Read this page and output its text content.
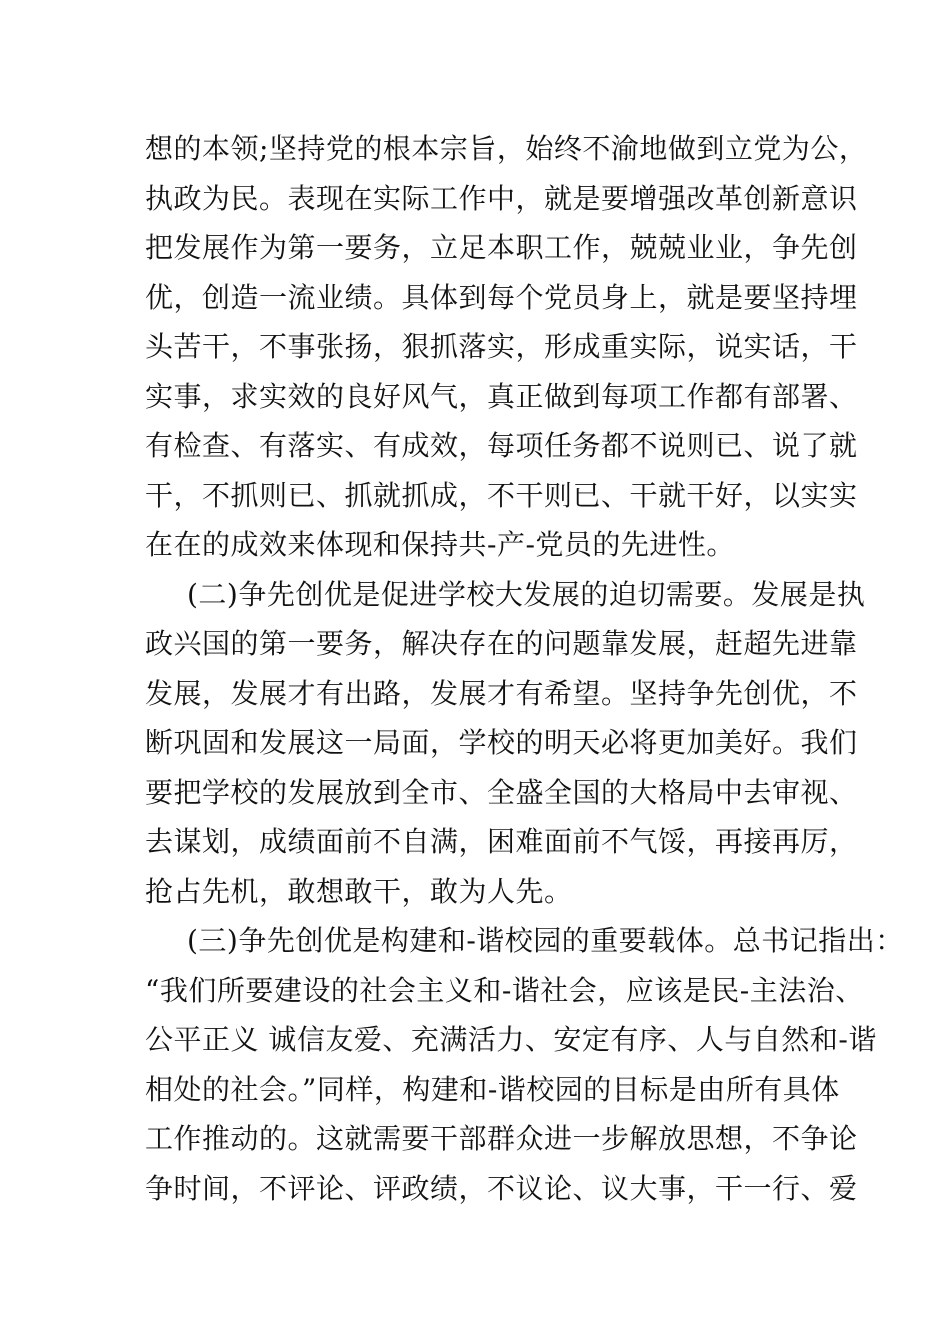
想的本领;坚持党的根本宗旨，始终不渝地做到立党为公，
执政为民。表现在实际工作中，就是要增强改革创新意识
把发展作为第一要务，立足本职工作，兢兢业业，争先创
优，创造一流业绩。具体到每个党员身上，就是要坚持埋
头苦干，不事张扬，狠抓落实，形成重实际，说实话，干
实事，求实效的良好风气，真正做到每项工作都有部署、
有检查、有落实、有成效，每项任务都不说则已、说了就
干，不抓则已、抓就抓成，不干则已、干就干好，以实实
在在的成效来体现和保持共-产-党员的先进性。
(二)争先创优是促进学校大发展的迫切需要。发展是执
政兴国的第一要务，解决存在的问题靠发展，赶超先进靠
发展，发展才有出路，发展才有希望。坚持争先创优，不
断巩固和发展这一局面，学校的明天必将更加美好。我们
要把学校的发展放到全市、全盛全国的大格局中去审视、
去谋划，成绩面前不自满，困难面前不气馁，再接再厉，
抢占先机，敢想敢干，敢为人先。
(三)争先创优是构建和-谐校园的重要载体。总书记指出：
“我们所要建设的社会主义和-谐社会，应该是民-主法治、
公平正义 诚信友爱、充满活力、安定有序、人与自然和-谐
相处的社会。”同样，构建和-谐校园的目标是由所有具体
工作推动的。这就需要干部群众进一步解放思想，不争论
争时间，不评论、评政绩，不议论、议大事，干一行、爱
